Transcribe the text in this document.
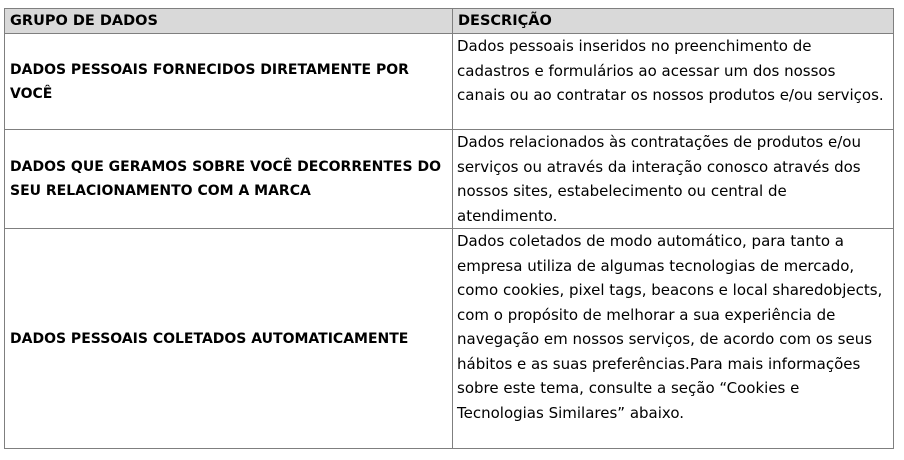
GRUPO DE DADOS	DESCRIÇÃO
DADOS PESSOAIS FORNECIDOS DIRETAMENTE POR VOCÊ	Dados pessoais inseridos no preenchimento de cadastros e formulários ao acessar um dos nossos canais ou ao contratar os nossos produtos e/ou serviços.
DADOS QUE GERAMOS SOBRE VOCÊ DECORRENTES DO SEU RELACIONAMENTO COM A MARCA	Dados relacionados às contratações de produtos e/ou serviços ou através da interação conosco através dos nossos sites, estabelecimento ou central de atendimento.
DADOS PESSOAIS COLETADOS AUTOMATICAMENTE	Dados coletados de modo automático, para tanto a empresa utiliza de algumas tecnologias de mercado, como cookies, pixel tags, beacons e local sharedobjects, com o propósito de melhorar a sua experiência de navegação em nossos serviços, de acordo com os seus hábitos e as suas preferências.Para mais informações sobre este tema, consulte a seção “Cookies e Tecnologias Similares” abaixo.
